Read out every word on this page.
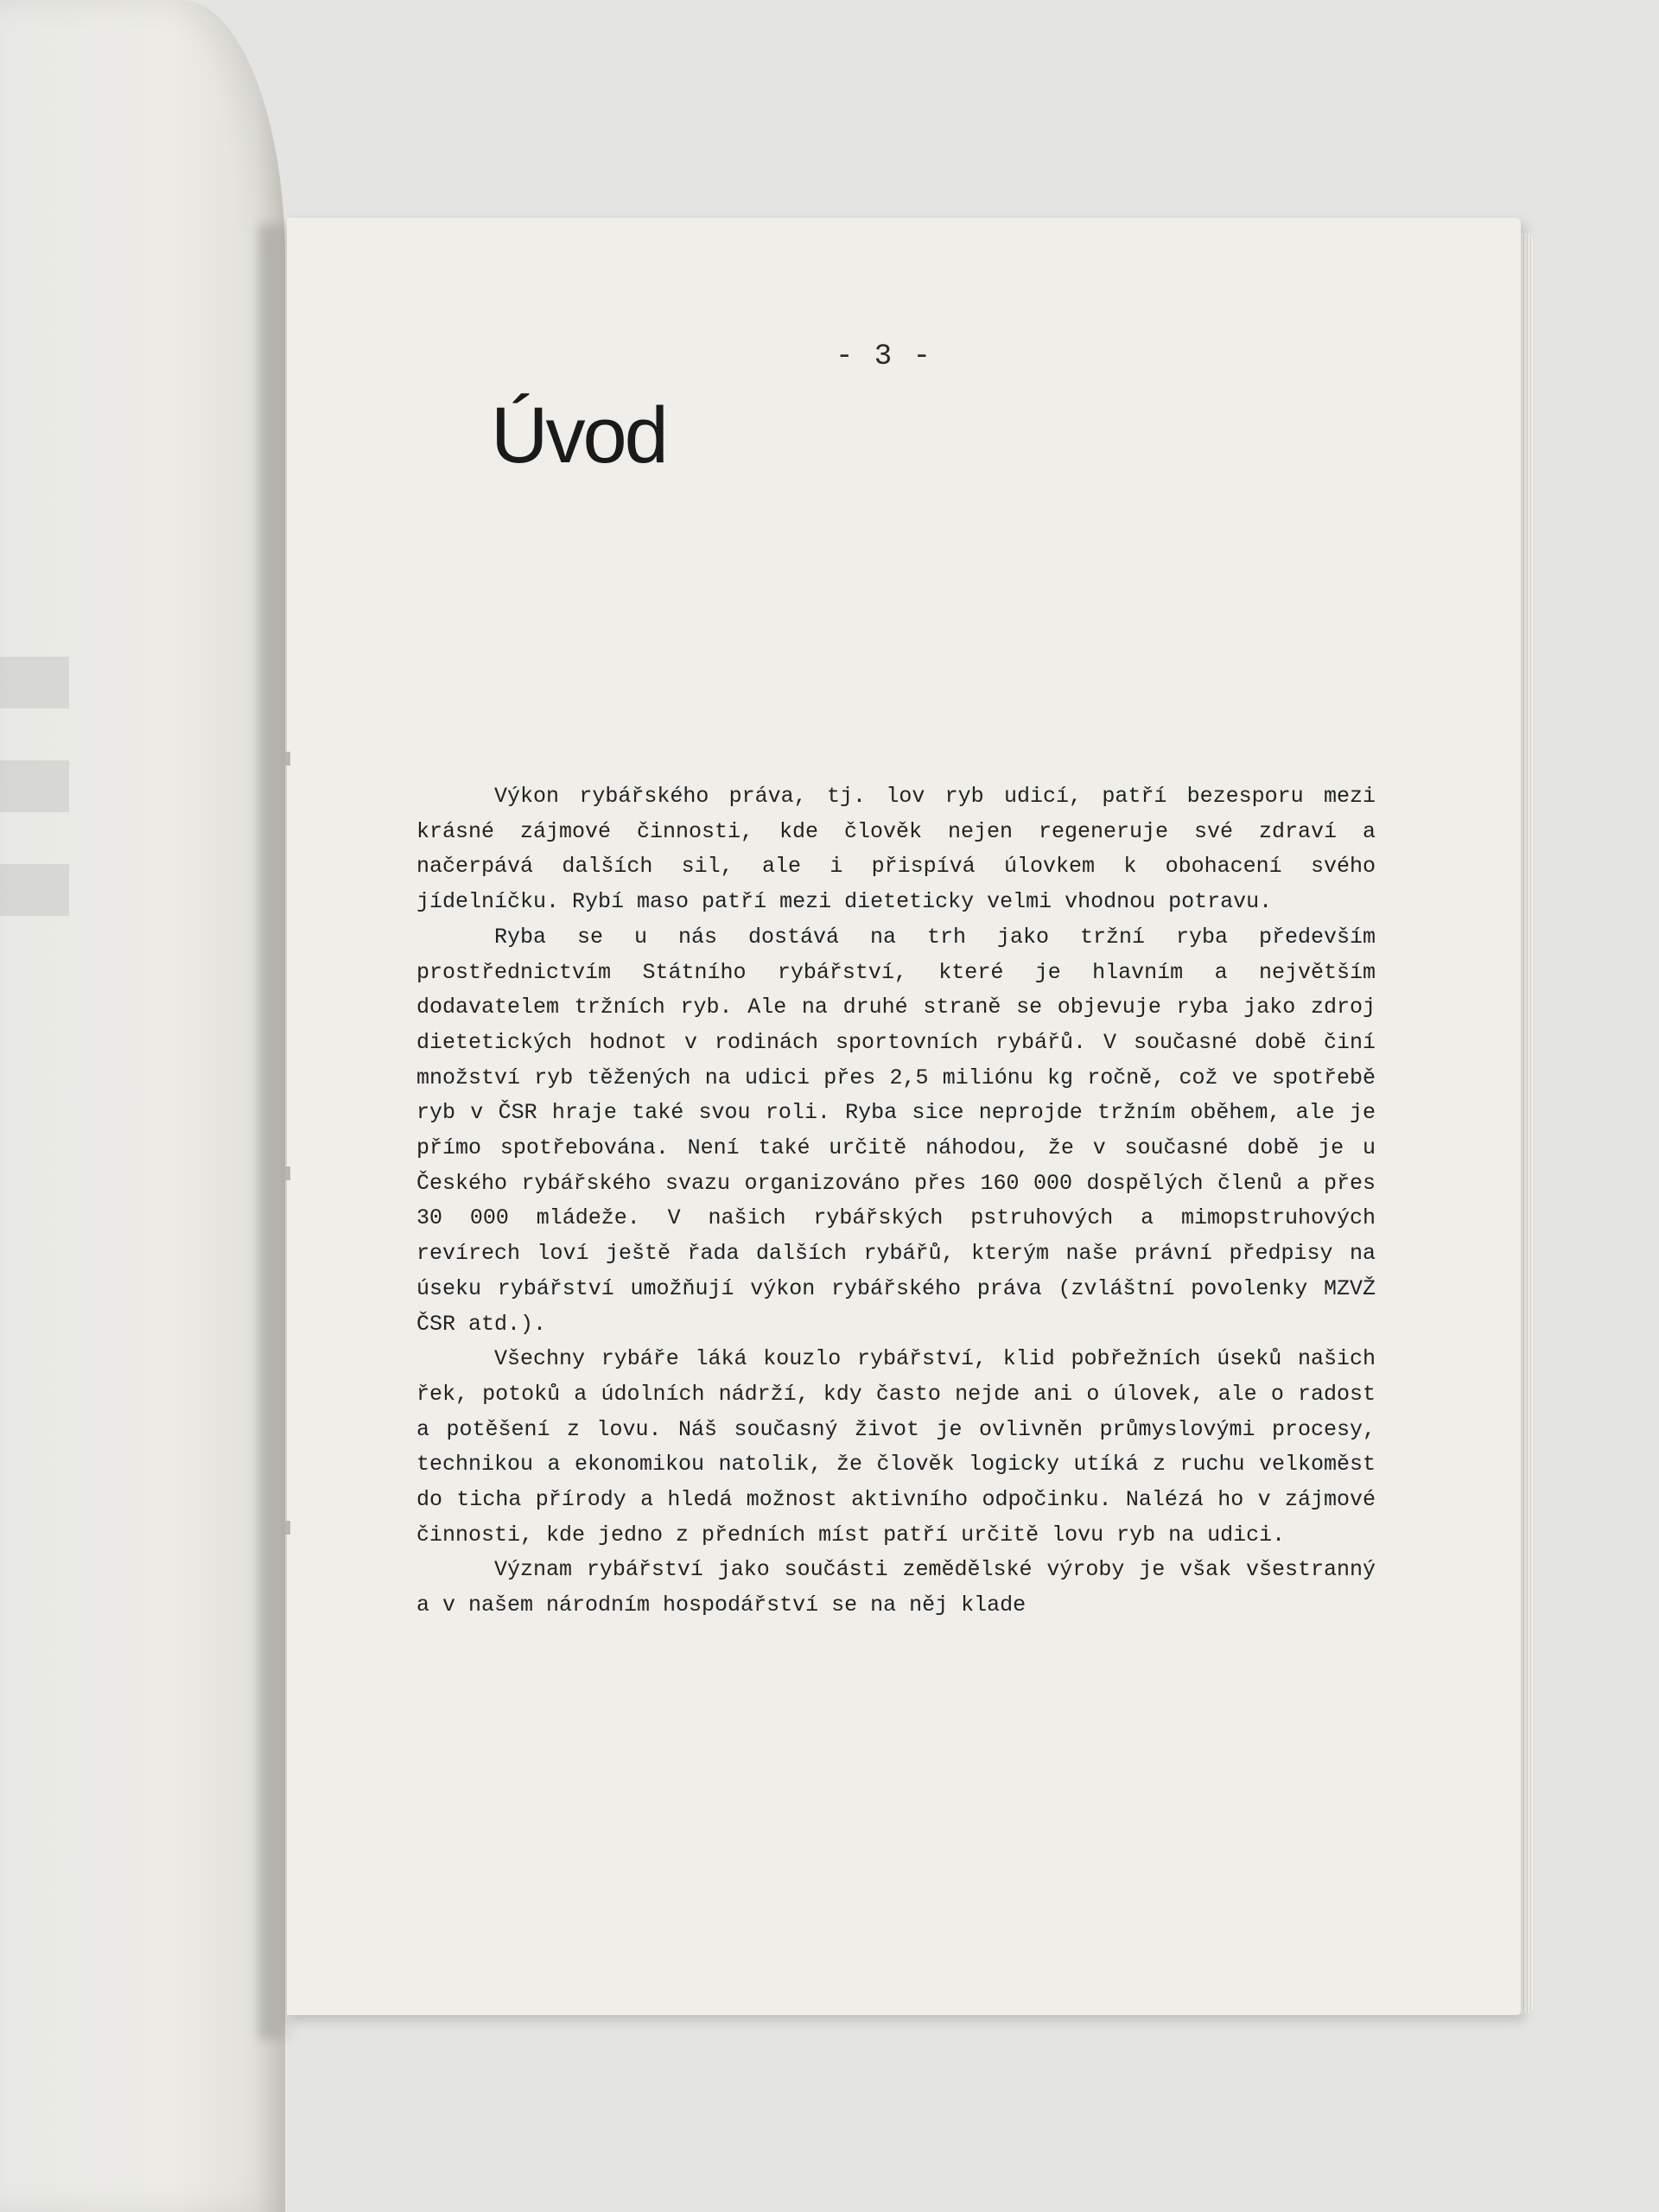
- 3 -

Úvod

Výkon rybářského práva, tj. lov ryb udicí, patří bezesporu mezi krásné zájmové činnosti, kde člověk nejen regeneruje své zdraví a načerpává dalších sil, ale i přispívá úlovkem k obohacení svého jídelníčku. Rybí maso patří mezi dieteticky velmi vhodnou potravu.

Ryba se u nás dostává na trh jako tržní ryba především prostřednictvím Státního rybářství, které je hlavním a největším dodavatelem tržních ryb. Ale na druhé straně se objevuje ryba jako zdroj dietetických hodnot v rodinách sportovních rybářů. V současné době činí množství ryb těžených na udici přes 2,5 miliónu kg ročně, což ve spotřebě ryb v ČSR hraje také svou roli. Ryba sice neprojde tržním oběhem, ale je přímo spotřebována. Není také určitě náhodou, že v současné době je u Českého rybářského svazu organizováno přes 160 000 dospělých členů a přes 30 000 mládeže. V našich rybářských pstruhových a mimopstruhových revírech loví ještě řada dalších rybářů, kterým naše právní předpisy na úseku rybářství umožňují výkon rybářského práva (zvláštní povolenky MZVŽ ČSR atd.).

Všechny rybáře láká kouzlo rybářství, klid pobřežních úseků našich řek, potoků a údolních nádrží, kdy často nejde ani o úlovek, ale o radost a potěšení z lovu. Náš současný život je ovlivněn průmyslovými procesy, technikou a ekonomikou natolik, že člověk logicky utíká z ruchu velkoměst do ticha přírody a hledá možnost aktivního odpočinku. Nalézá ho v zájmové činnosti, kde jedno z předních míst patří určitě lovu ryb na udici.

Význam rybářství jako součásti zemědělské výroby je však všestranný a v našem národním hospodářství se na něj klade
